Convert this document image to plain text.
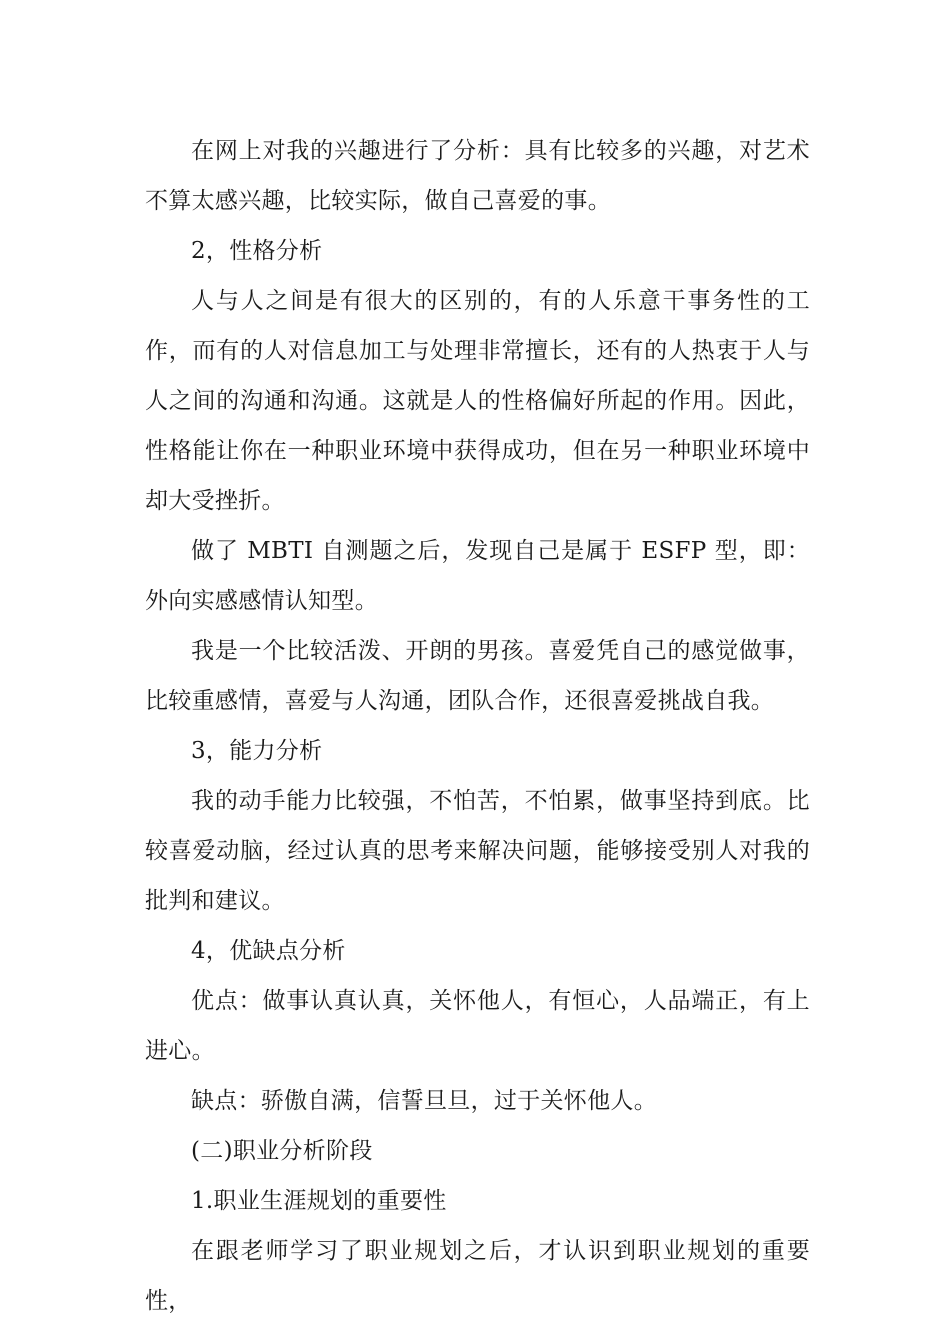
在网上对我的兴趣进行了分析：具有比较多的兴趣，对艺术不算太感兴趣，比较实际，做自己喜爱的事。

2，性格分析

人与人之间是有很大的区别的，有的人乐意干事务性的工作，而有的人对信息加工与处理非常擅长，还有的人热衷于人与人之间的沟通和沟通。这就是人的性格偏好所起的作用。因此，性格能让你在一种职业环境中获得成功，但在另一种职业环境中却大受挫折。

做了 MBTI 自测题之后，发现自己是属于 ESFP 型，即：外向实感感情认知型。

我是一个比较活泼、开朗的男孩。喜爱凭自己的感觉做事，比较重感情，喜爱与人沟通，团队合作，还很喜爱挑战自我。

3，能力分析

我的动手能力比较强，不怕苦，不怕累，做事坚持到底。比较喜爱动脑，经过认真的思考来解决问题，能够接受别人对我的批判和建议。

4，优缺点分析

优点：做事认真认真，关怀他人，有恒心，人品端正，有上进心。

缺点：骄傲自满，信誓旦旦，过于关怀他人。

(二)职业分析阶段

1.职业生涯规划的重要性

在跟老师学习了职业规划之后，才认识到职业规划的重要性，
